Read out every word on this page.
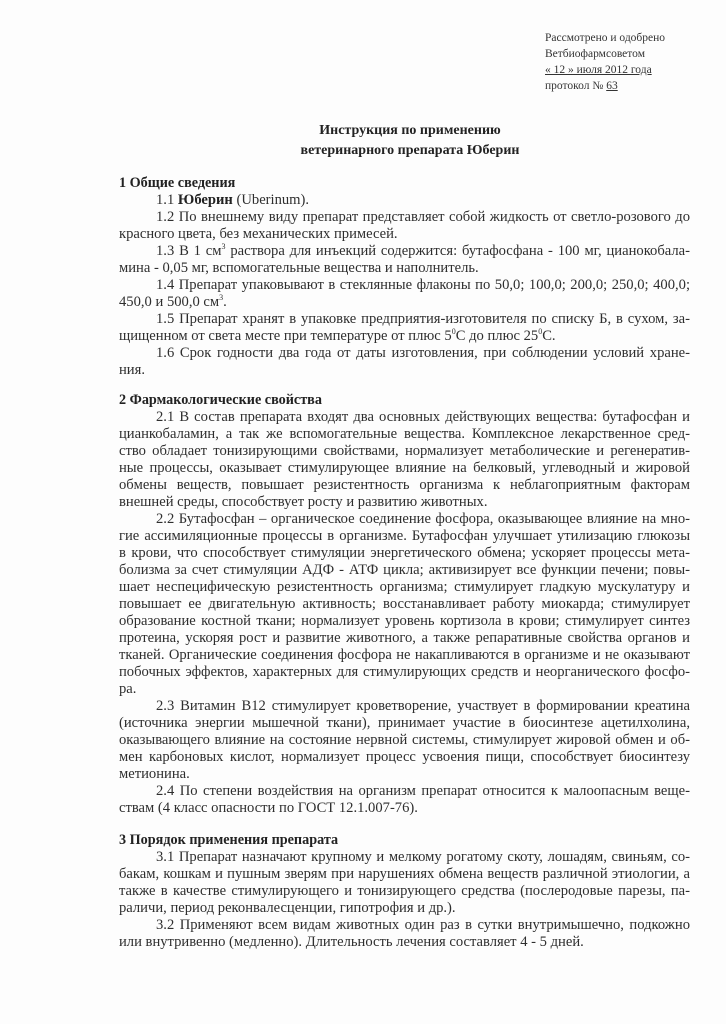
Рассмотрено и одобрено
Ветбиофармсоветом
« 12 » июля 2012 года
протокол № 63
Инструкция по применению
ветеринарного препарата Юберин
1 Общие сведения
1.1 Юберин (Uberinum).
1.2 По внешнему виду препарат представляет собой жидкость от светло-розового до
красного цвета, без механических примесей.
1.3 В 1 $см^3$ раствора для инъекций содержится: бутафосфана - 100 мг, цианокобала-
мина - 0,05 мг, вспомогательные вещества и наполнитель.
1.4 Препарат упаковывают в стеклянные флаконы по 50,0; 100,0; 200,0; 250,0; 400,0;
450,0 и 500,0 $см^3$.
1.5 Препарат хранят в упаковке предприятия-изготовителя по списку Б, в сухом, за-
щищенном от света месте при температуре от плюс $5^0С$ до плюс $25^0С$.
1.6 Срок годности два года от даты изготовления, при соблюдении условий хране-
ния.
2 Фармакологические свойства
2.1 В состав препарата входят два основных действующих вещества: бутафосфан и
цианкобаламин, а так же вспомогательные вещества. Комплексное лекарственное сред-
ство обладает тонизирующими свойствами, нормализует метаболические и регенератив-
ные процессы, оказывает стимулирующее влияние на белковый, углеводный и жировой
обмены веществ, повышает резистентность организма к неблагоприятным факторам
внешней среды, способствует росту и развитию животных.
2.2 Бутафосфан – органическое соединение фосфора, оказывающее влияние на мно-
гие ассимиляционные процессы в организме. Бутафосфан улучшает утилизацию глюкозы
в крови, что способствует стимуляции энергетического обмена; ускоряет процессы мета-
болизма за счет стимуляции АДФ - АТФ цикла; активизирует все функции печени; повы-
шает неспецифическую резистентность организма; стимулирует гладкую мускулатуру и
повышает ее двигательную активность; восстанавливает работу миокарда; стимулирует
образование костной ткани; нормализует уровень кортизола в крови; стимулирует синтез
протеина, ускоряя рост и развитие животного, а также репаративные свойства органов и
тканей. Органические соединения фосфора не накапливаются в организме и не оказывают
побочных эффектов, характерных для стимулирующих средств и неорганического фосфо-
ра.
2.3 Витамин В12 стимулирует кроветворение, участвует в формировании креатина
(источника энергии мышечной ткани), принимает участие в биосинтезе ацетилхолина,
оказывающего влияние на состояние нервной системы, стимулирует жировой обмен и об-
мен карбоновых кислот, нормализует процесс усвоения пищи, способствует биосинтезу
метионина.
2.4 По степени воздействия на организм препарат относится к малоопасным веще-
ствам (4 класс опасности по ГОСТ 12.1.007-76).
3 Порядок применения препарата
3.1 Препарат назначают крупному и мелкому рогатому скоту, лошадям, свиньям, со-
бакам, кошкам и пушным зверям при нарушениях обмена веществ различной этиологии, а
также в качестве стимулирующего и тонизирующего средства (послеродовые парезы, па-
раличи, период реконвалесценции, гипотрофия и др.).
3.2 Применяют всем видам животных один раз в сутки внутримышечно, подкожно
или внутривенно (медленно). Длительность лечения составляет 4 - 5 дней.
